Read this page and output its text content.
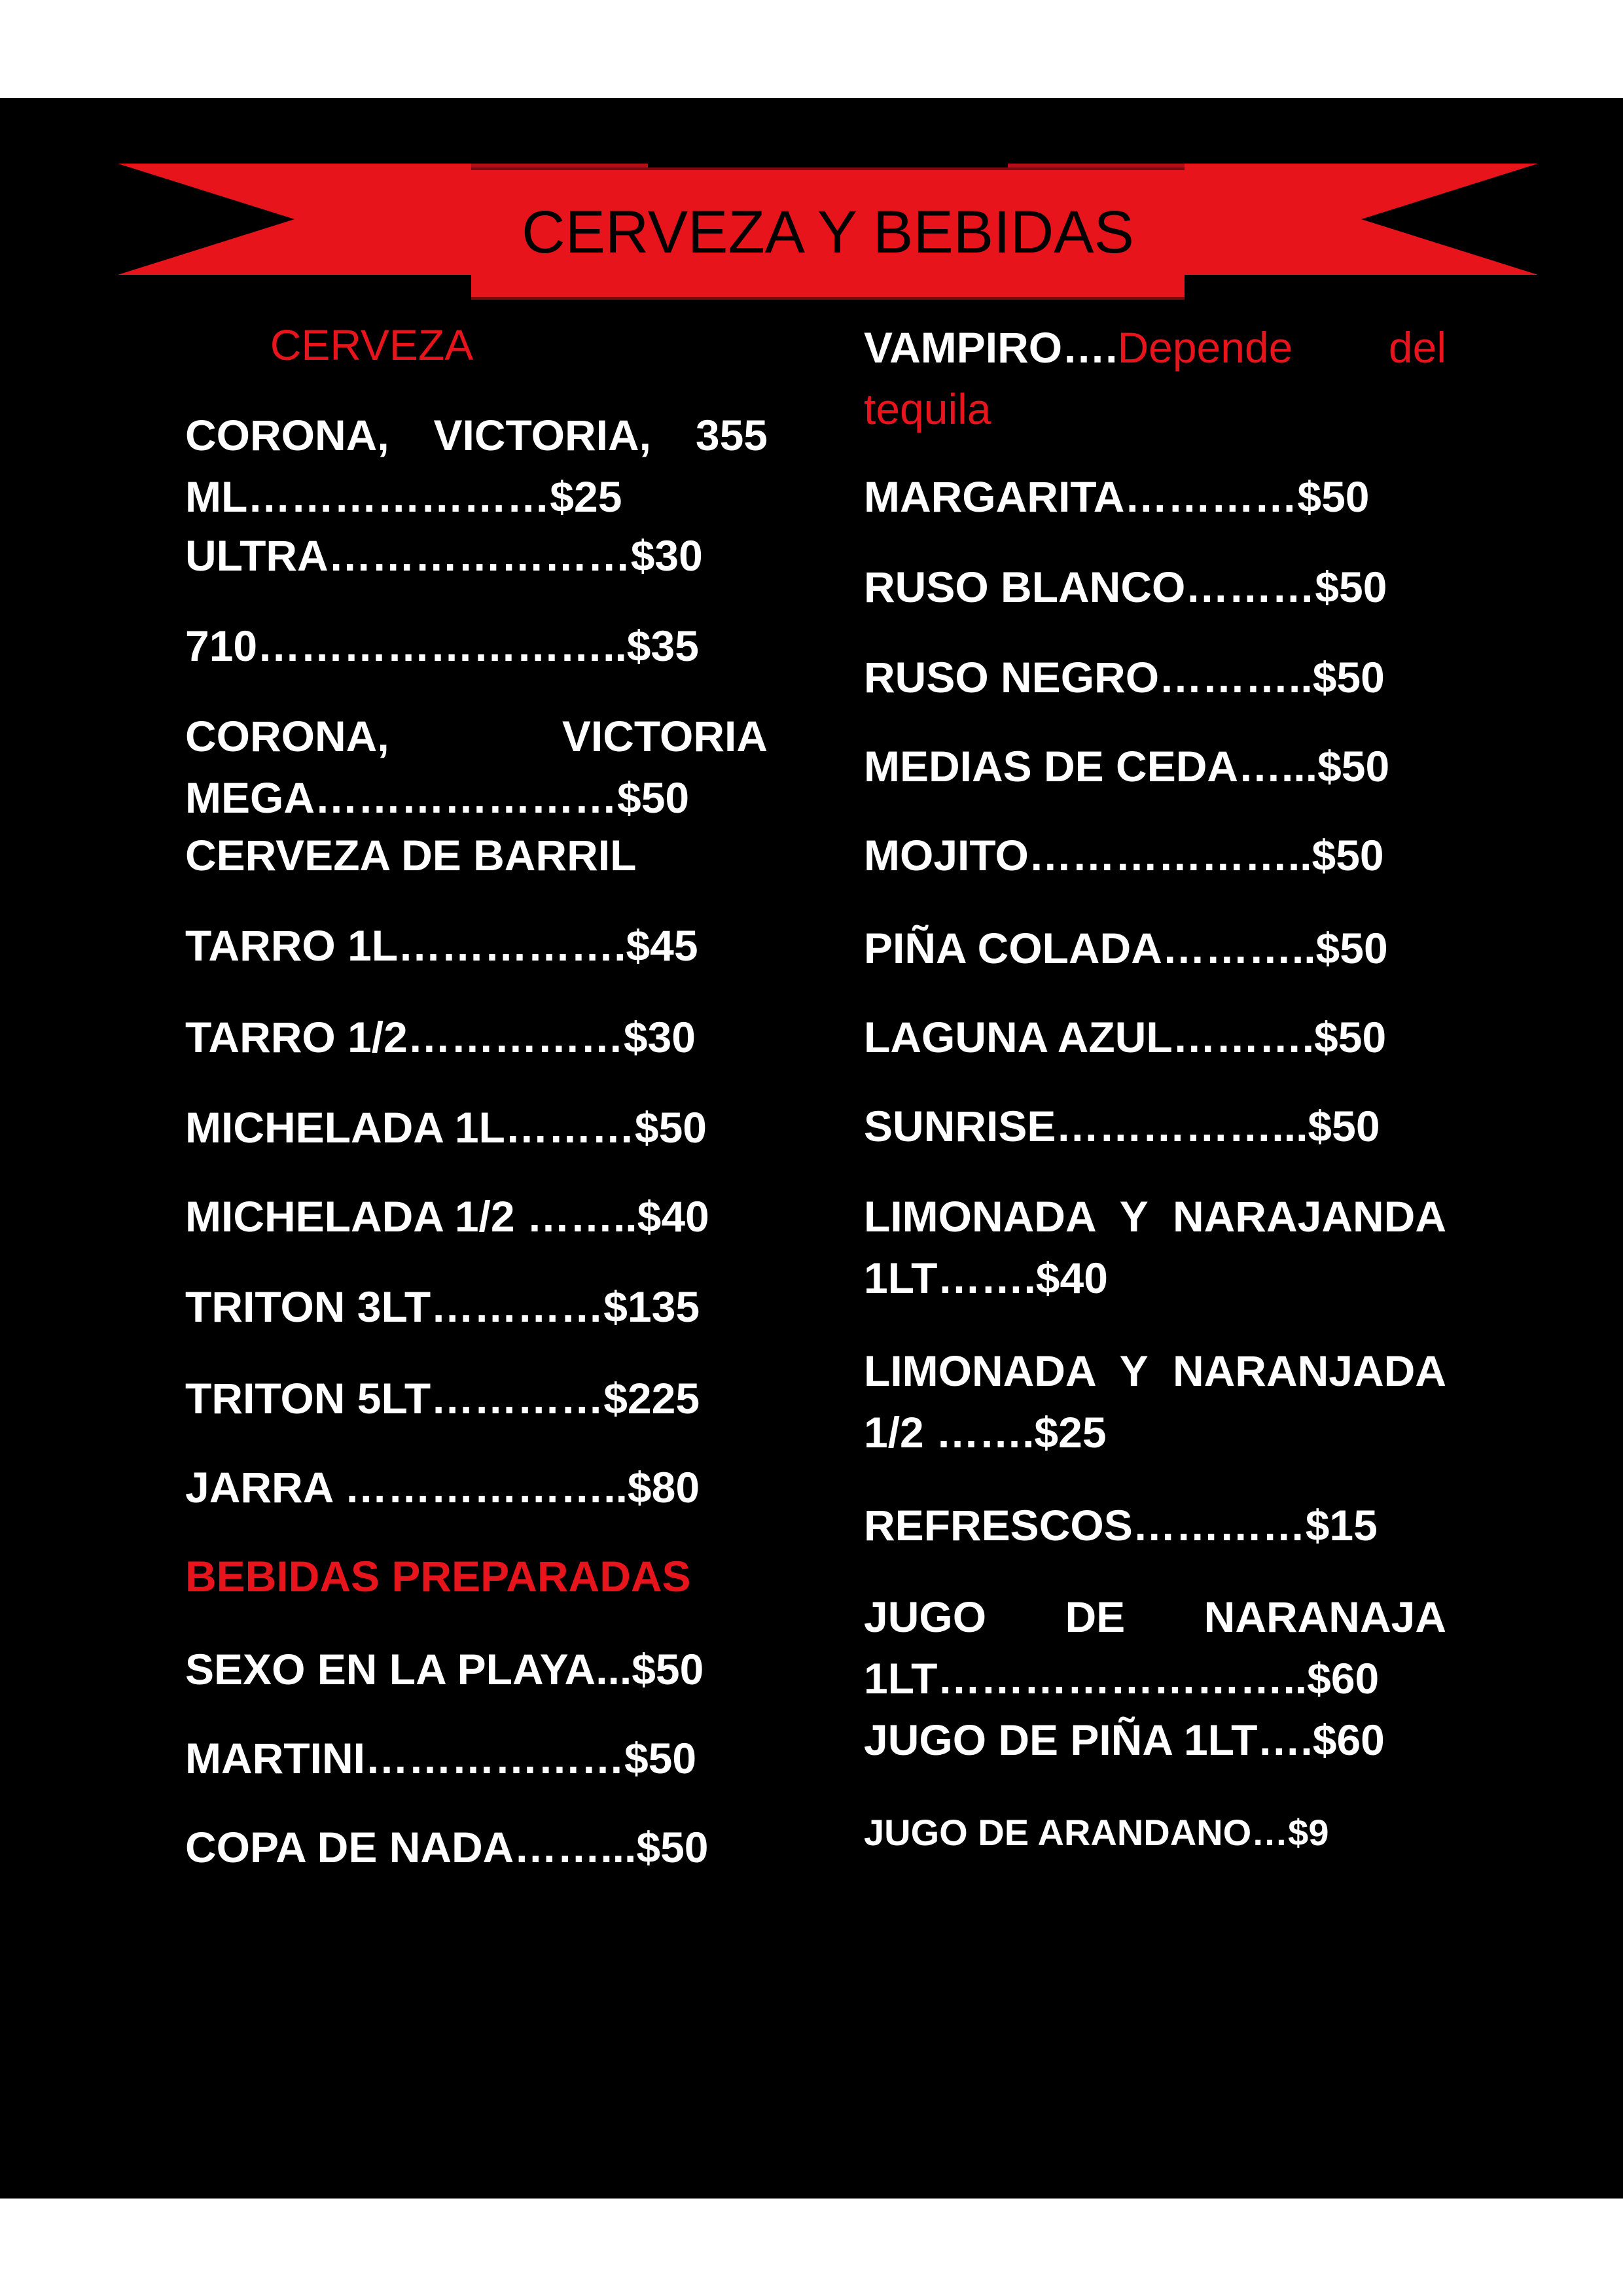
CERVEZA Y BEBIDAS
CERVEZA
CORONA, VICTORIA, 355 ML…………………$25
ULTRA…………………$30
710……………………..$35
CORONA, VICTORIA MEGA…………………$50
CERVEZA DE BARRIL
TARRO 1L…………….$45
TARRO 1/2……………$30
MICHELADA 1L………$50
MICHELADA 1/2 ……..$40
TRITON 3LT…………$135
TRITON 5LT…………$225
JARRA ………………..$80
BEBIDAS PREPARADAS
SEXO EN LA PLAYA...$50
MARTINI………………$50
COPA DE NADA……...$50
VAMPIRO….Depende del tequila
MARGARITA…………$50
RUSO BLANCO………$50
RUSO NEGRO………..$50
MEDIAS DE CEDA…...$50
MOJITO………………..$50
PIÑA COLADA………..$50
LAGUNA AZUL……….$50
SUNRISE……………...$50
LIMONADA Y NARAJANDA 1LT…….$40
LIMONADA Y NARANJADA 1/2 …….$25
REFRESCOS…………$15
JUGO DE NARANAJA 1LT……………………..$60
JUGO DE PIÑA 1LT….$60
JUGO DE ARANDANO…$9
